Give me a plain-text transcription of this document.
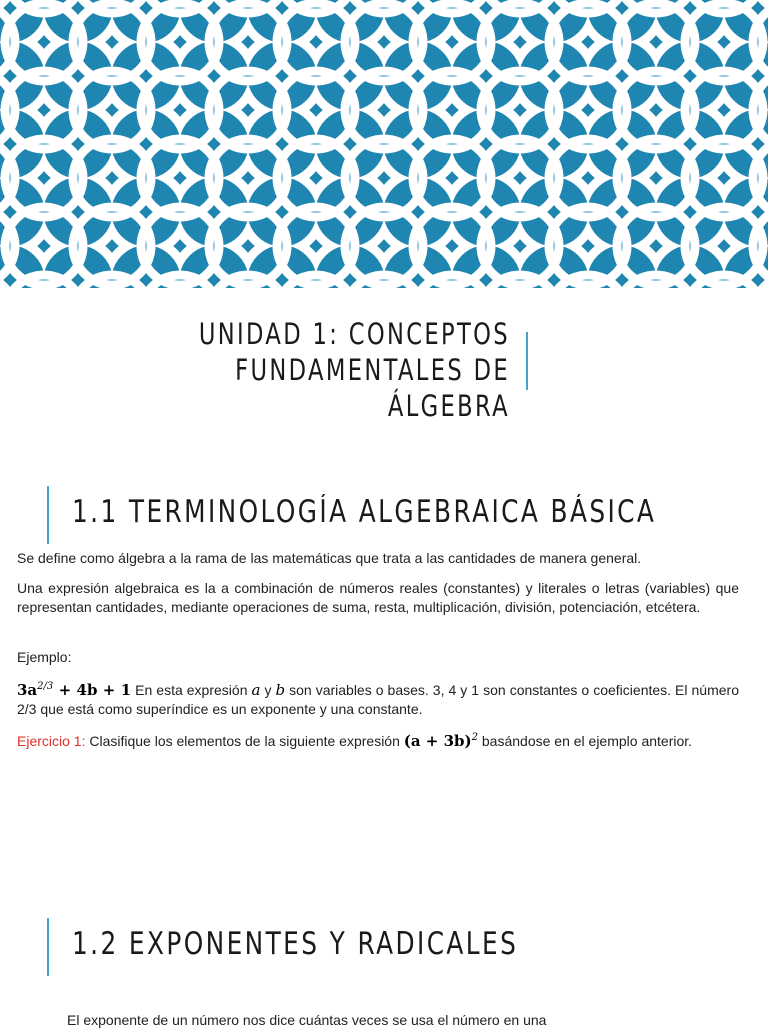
UNIDAD 1: CONCEPTOS
FUNDAMENTALES DE ÁLGEBRA
1.1 TERMINOLOGÍA ALGEBRAICA BÁSICA

Se define como álgebra a la rama de las matemáticas que trata a las cantidades de manera general.

Una expresión algebraica es la a combinación de números reales (constantes) y literales o letras (variables) que representan cantidades, mediante operaciones de suma, resta, multiplicación, división, potenciación, etcétera.

Ejemplo:

$3a^{2/3} + 4b + 1$ En esta expresión a y b son variables o bases. 3, 4 y 1 son constantes o coeficientes. El número 2/3 que está como superíndice es un exponente y una constante.

Ejercicio 1: Clasifique los elementos de la siguiente expresión $(a + 3b)^2$ basándose en el ejemplo anterior.

1.2 EXPONENTES Y RADICALES
El exponente de un número nos dice cuántas veces se usa el número en una
